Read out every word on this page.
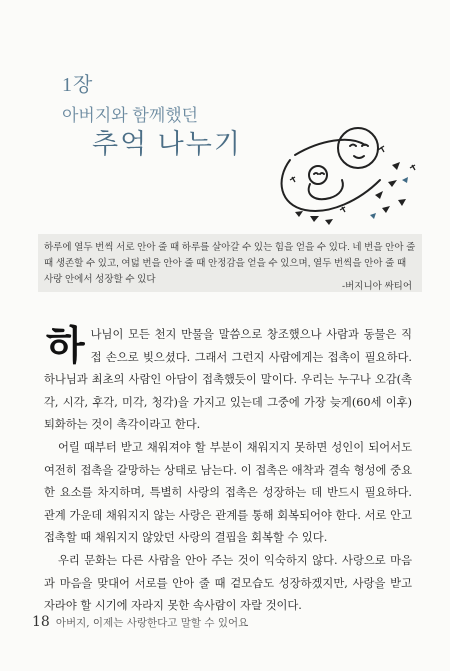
1장
아버지와 함께했던
추억 나누기

하루에 열두 번씩 서로 안아 줄 때 하루를 살아갈 수 있는 힘을 얻을 수 있다. 네 번을 안아 줄 때 생존할 수 있고, 여덟 번을 안아 줄 때 안정감을 얻을 수 있으며, 열두 번씩을 안아 줄 때 사랑 안에서 성장할 수 있다

-버지니아 싸티어

하나님이 모든 천지 만물을 말씀으로 창조했으나 사람과 동물은 직접 손으로 빚으셨다. 그래서 그런지 사람에게는 접촉이 필요하다. 하나님과 최초의 사람인 아담이 접촉했듯이 말이다. 우리는 누구나 오감(촉각, 시각, 후각, 미각, 청각)을 가지고 있는데 그중에 가장 늦게(60세 이후) 퇴화하는 것이 촉각이라고 한다.

어릴 때부터 받고 채워져야 할 부분이 채워지지 못하면 성인이 되어서도 여전히 접촉을 갈망하는 상태로 남는다. 이 접촉은 애착과 결속 형성에 중요한 요소를 차지하며, 특별히 사랑의 접촉은 성장하는 데 반드시 필요하다. 관계 가운데 채워지지 않는 사랑은 관계를 통해 회복되어야 한다. 서로 안고 접촉할 때 채워지지 않았던 사랑의 결핍을 회복할 수 있다.

우리 문화는 다른 사람을 안아 주는 것이 익숙하지 않다. 사랑으로 마음과 마음을 맞대어 서로를 안아 줄 때 겉모습도 성장하겠지만, 사랑을 받고 자라야 할 시기에 자라지 못한 속사람이 자랄 것이다.

18 아버지, 이제는 사랑한다고 말할 수 있어요
